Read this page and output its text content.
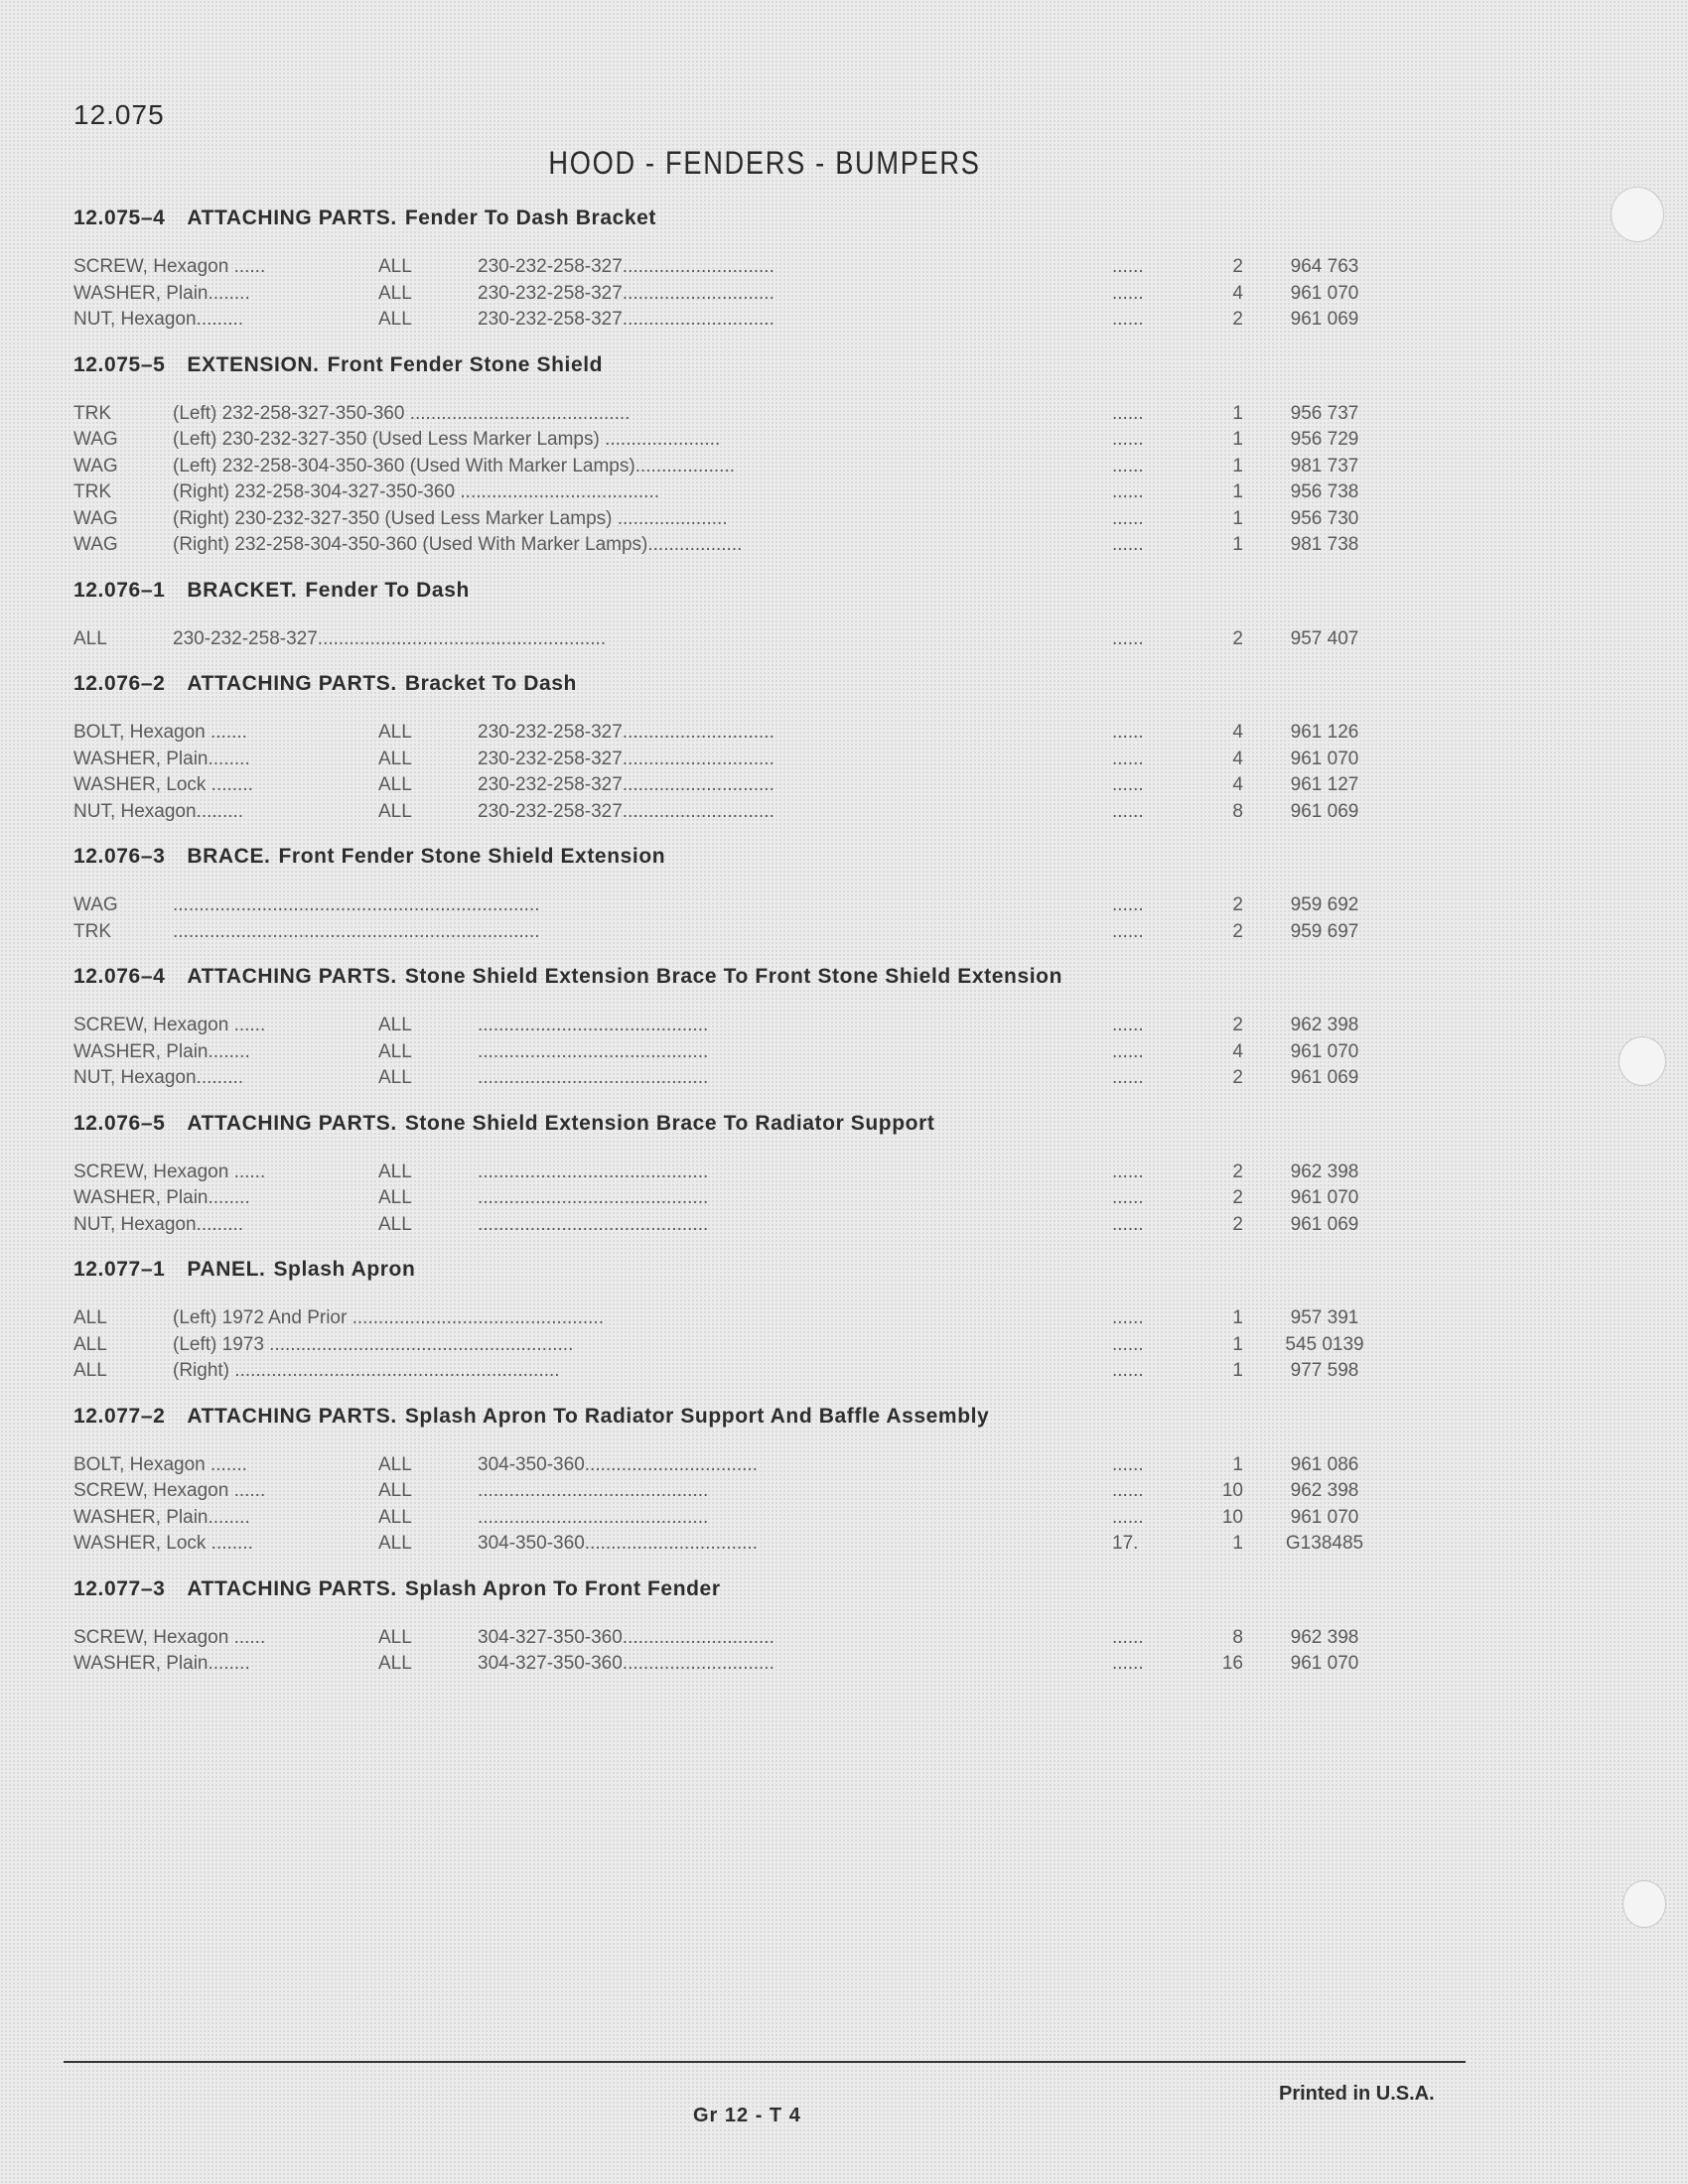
12.075
HOOD - FENDERS - BUMPERS
12.075–4 ATTACHING PARTS. Fender To Dash Bracket
SCREW, Hexagon ......	ALL	230-232-258-327.............................	......	2	964 763
WASHER, Plain........	ALL	230-232-258-327.............................	......	4	961 070
NUT, Hexagon.........	ALL	230-232-258-327.............................	......	2	961 069
12.075–5 EXTENSION. Front Fender Stone Shield
TRK	(Left) 232-258-327-350-360 ..........................................	......	1	956 737
WAG	(Left) 230-232-327-350 (Used Less Marker Lamps) ......................	......	1	956 729
WAG	(Left) 232-258-304-350-360 (Used With Marker Lamps)...................	......	1	981 737
TRK	(Right) 232-258-304-327-350-360 ......................................	......	1	956 738
WAG	(Right) 230-232-327-350 (Used Less Marker Lamps) .....................	......	1	956 730
WAG	(Right) 232-258-304-350-360 (Used With Marker Lamps)..................	......	1	981 738
12.076–1 BRACKET. Fender To Dash
ALL	230-232-258-327.......................................................	......	2	957 407
12.076–2 ATTACHING PARTS. Bracket To Dash
BOLT, Hexagon .......	ALL	230-232-258-327.............................	......	4	961 126
WASHER, Plain........	ALL	230-232-258-327.............................	......	4	961 070
WASHER, Lock ........	ALL	230-232-258-327.............................	......	4	961 127
NUT, Hexagon.........	ALL	230-232-258-327.............................	......	8	961 069
12.076–3 BRACE. Front Fender Stone Shield Extension
WAG	......................................................................	......	2	959 692
TRK	......................................................................	......	2	959 697
12.076–4 ATTACHING PARTS. Stone Shield Extension Brace To Front Stone Shield Extension
SCREW, Hexagon ......	ALL	............................................	......	2	962 398
WASHER, Plain........	ALL	............................................	......	4	961 070
NUT, Hexagon.........	ALL	............................................	......	2	961 069
12.076–5 ATTACHING PARTS. Stone Shield Extension Brace To Radiator Support
SCREW, Hexagon ......	ALL	............................................	......	2	962 398
WASHER, Plain........	ALL	............................................	......	2	961 070
NUT, Hexagon.........	ALL	............................................	......	2	961 069
12.077–1 PANEL. Splash Apron
ALL	(Left) 1972 And Prior ................................................	......	1	957 391
ALL	(Left) 1973 ..........................................................	......	1	545 0139
ALL	(Right) ..............................................................	......	1	977 598
12.077–2 ATTACHING PARTS. Splash Apron To Radiator Support And Baffle Assembly
BOLT, Hexagon .......	ALL	304-350-360.................................	......	1	961 086
SCREW, Hexagon ......	ALL	............................................	......	10	962 398
WASHER, Plain........	ALL	............................................	......	10	961 070
WASHER, Lock ........	ALL	304-350-360.................................	17.	1	G138485
12.077–3 ATTACHING PARTS. Splash Apron To Front Fender
SCREW, Hexagon ......	ALL	304-327-350-360.............................	......	8	962 398
WASHER, Plain........	ALL	304-327-350-360.............................	......	16	961 070
Printed in U.S.A.
Gr 12 - T 4
